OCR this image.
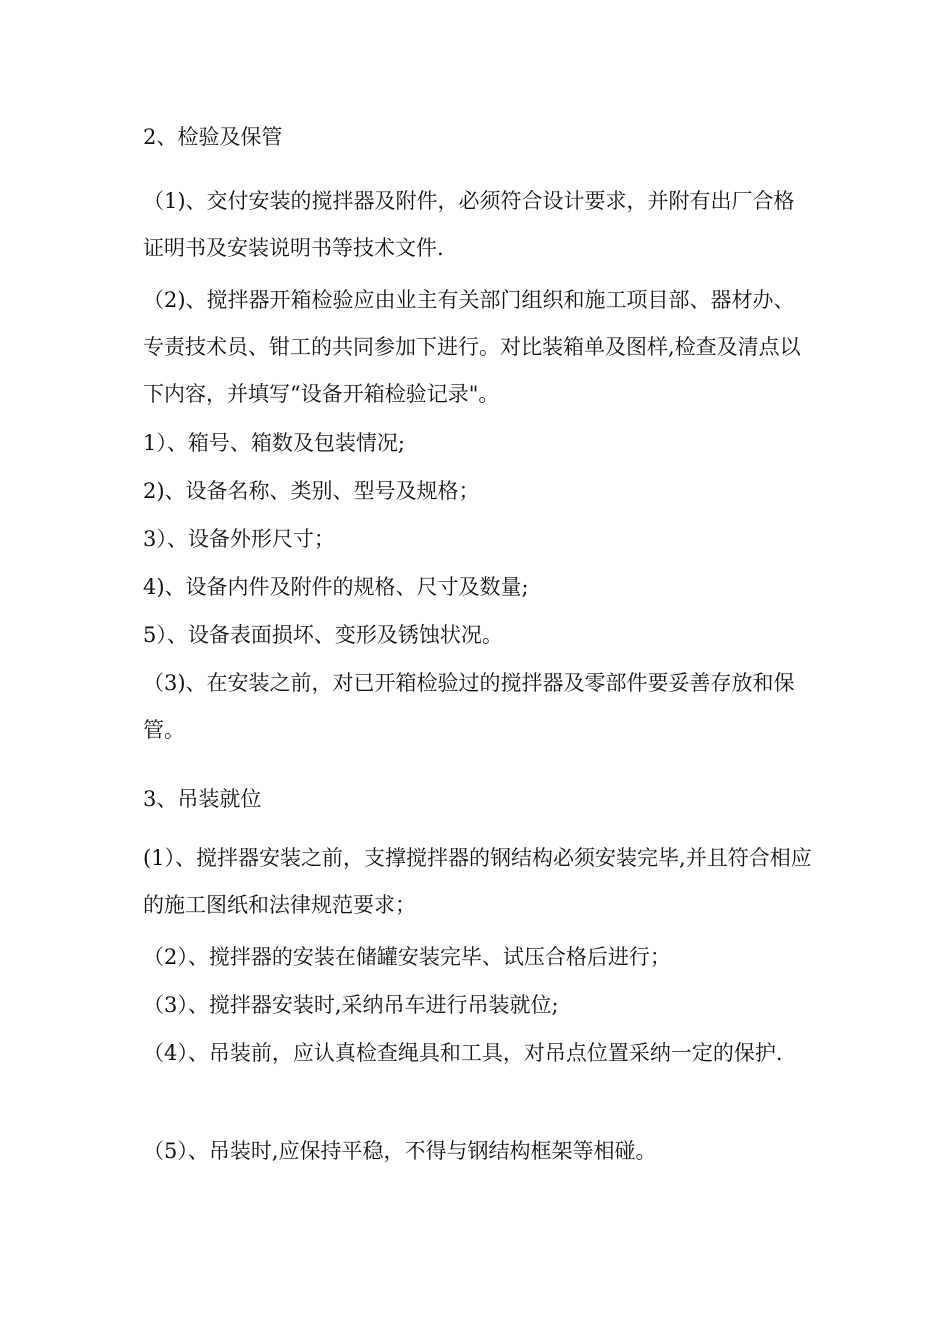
2、检验及保管

（1)、交付安装的搅拌器及附件，必须符合设计要求，并附有出厂合格证明书及安装说明书等技术文件.

（2)、搅拌器开箱检验应由业主有关部门组织和施工项目部、器材办、专责技术员、钳工的共同参加下进行。对比装箱单及图样,检查及清点以下内容，并填写“设备开箱检验记录"。

1）、箱号、箱数及包装情况;

2)、设备名称、类别、型号及规格；

3）、设备外形尺寸；

4)、设备内件及附件的规格、尺寸及数量;

5）、设备表面损坏、变形及锈蚀状况。

（3)、在安装之前，对已开箱检验过的搅拌器及零部件要妥善存放和保管。

3、吊装就位

(1）、搅拌器安装之前，支撑搅拌器的钢结构必须安装完毕,并且符合相应的施工图纸和法律规范要求；

（2）、搅拌器的安装在储罐安装完毕、试压合格后进行；

（3）、搅拌器安装时,采纳吊车进行吊装就位;

（4）、吊装前，应认真检查绳具和工具，对吊点位置采纳一定的保护.

（5）、吊装时,应保持平稳，不得与钢结构框架等相碰。
